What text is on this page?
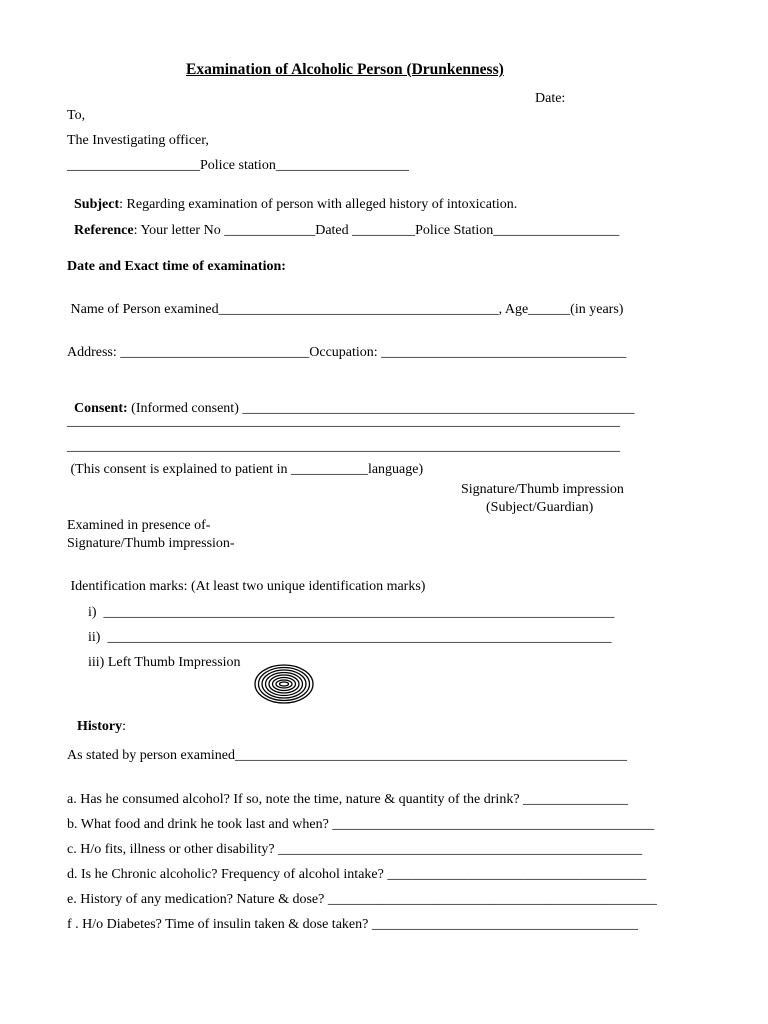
Examination of Alcoholic Person (Drunkenness)
Date:
To,
The Investigating officer,
___________________Police station___________________

Subject: Regarding examination of person with alleged history of intoxication.

Reference: Your letter No _____________Dated _________Police Station__________________

Date and Exact time of examination:
Name of Person examined________________________________________, Age______(in years)
Address: ___________________________Occupation: ___________________________________

Consent: (Informed consent) ________________________________________________________

_______________________________________________________________________________
_______________________________________________________________________________
(This consent is explained to patient in ___________language)
Signature/Thumb impression
(Subject/Guardian)
Examined in presence of-
Signature/Thumb impression-
Identification marks: (At least two unique identification marks)
i)  _________________________________________________________________________
ii)  ________________________________________________________________________
iii) Left Thumb Impression

History:

As stated by person examined________________________________________________________
a. Has he consumed alcohol? If so, note the time, nature & quantity of the drink? _______________
b. What food and drink he took last and when? ______________________________________________
c. H/o fits, illness or other disability? ____________________________________________________
d. Is he Chronic alcoholic? Frequency of alcohol intake? _____________________________________
e. History of any medication? Nature & dose? _______________________________________________
f . H/o Diabetes? Time of insulin taken & dose taken? ______________________________________
